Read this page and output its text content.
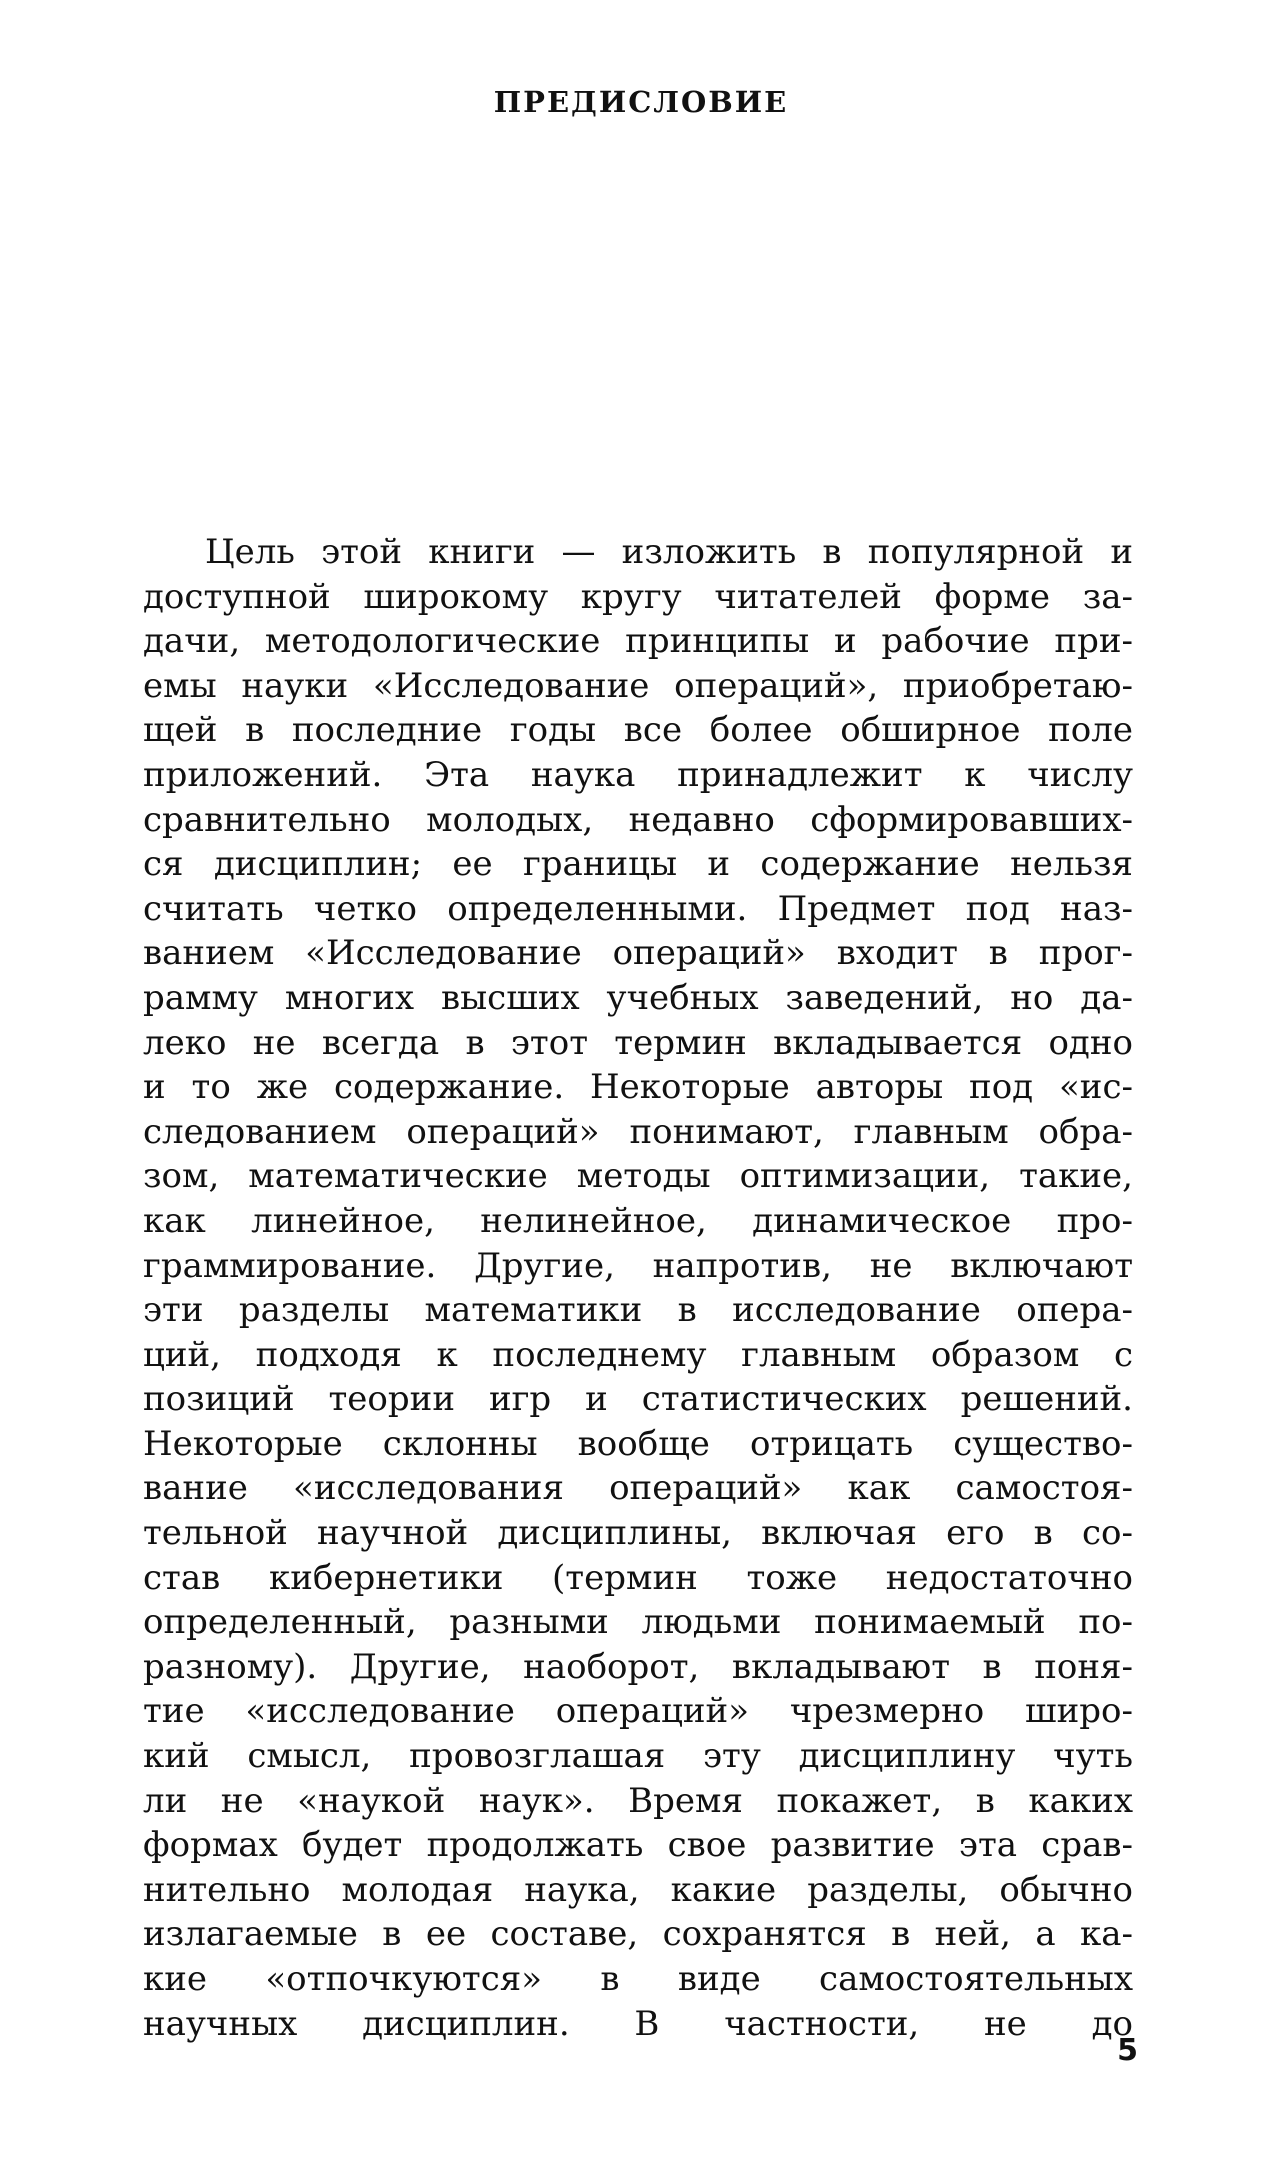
ПРЕДИСЛОВИЕ
Цель этой книги — изложить в популярной и
доступной широкому кругу читателей форме за-
дачи, методологические принципы и рабочие при-
емы науки «Исследование операций», приобретаю-
щей в последние годы все более обширное поле
приложений. Эта наука принадлежит к числу
сравнительно молодых, недавно сформировавших-
ся дисциплин; ее границы и содержание нельзя
считать четко определенными. Предмет под наз-
ванием «Исследование операций» входит в прог-
рамму многих высших учебных заведений, но да-
леко не всегда в этот термин вкладывается одно
и то же содержание. Некоторые авторы под «ис-
следованием операций» понимают, главным обра-
зом, математические методы оптимизации, такие,
как линейное, нелинейное, динамическое про-
граммирование. Другие, напротив, не включают
эти разделы математики в исследование опера-
ций, подходя к последнему главным образом с
позиций теории игр и статистических решений.
Некоторые склонны вообще отрицать существо-
вание «исследования операций» как самостоя-
тельной научной дисциплины, включая его в со-
став кибернетики (термин тоже недостаточно
определенный, разными людьми понимаемый по-
разному). Другие, наоборот, вкладывают в поня-
тие «исследование операций» чрезмерно широ-
кий смысл, провозглашая эту дисциплину чуть
ли не «наукой наук». Время покажет, в каких
формах будет продолжать свое развитие эта срав-
нительно молодая наука, какие разделы, обычно
излагаемые в ее составе, сохранятся в ней, а ка-
кие «отпочкуются» в виде самостоятельных
научных дисциплин. В частности, не до
5
